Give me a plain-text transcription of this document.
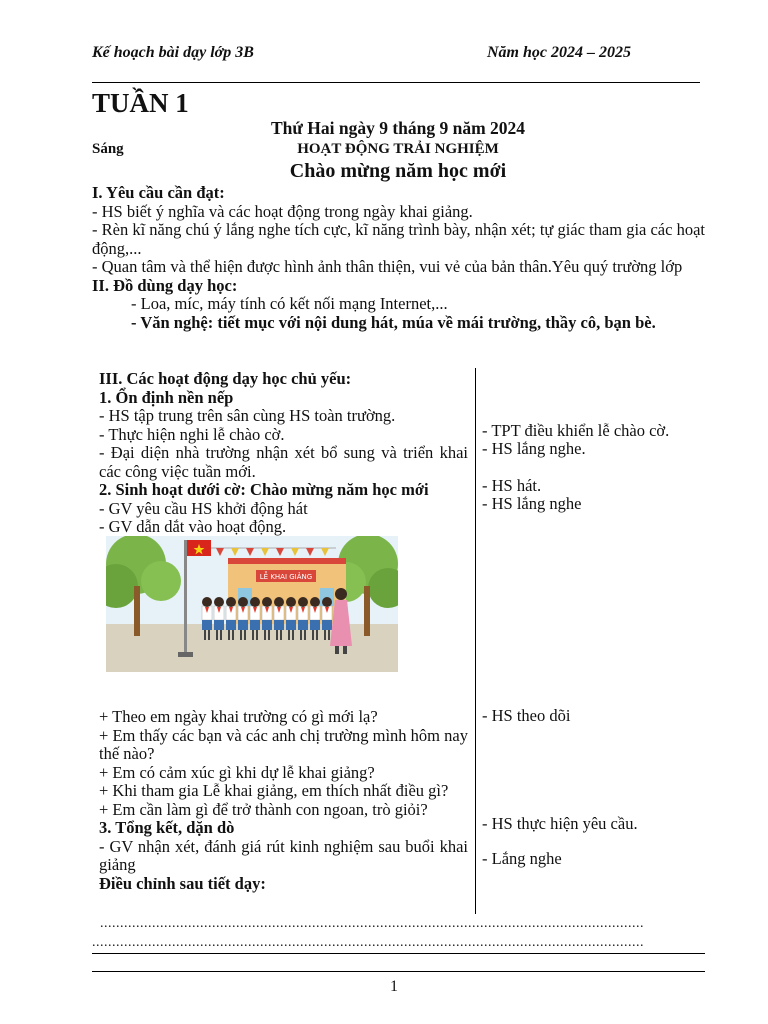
Kế hoạch bài dạy lớp 3B	Năm học 2024 – 2025
TUẦN 1
Thứ Hai ngày 9 tháng 9 năm 2024
Sáng	HOẠT ĐỘNG TRẢI NGHIỆM
Chào mừng năm học mới
I. Yêu cầu cần đạt:
- HS biết ý nghĩa và các hoạt động trong ngày khai giảng.
- Rèn kĩ năng chú ý lắng nghe tích cực, kĩ năng trình bày, nhận xét; tự giác tham gia các hoạt động,...
- Quan tâm và thể hiện được hình ảnh thân thiện, vui vẻ của bản thân.Yêu quý trường lớp
II. Đồ dùng dạy học:
- Loa, míc, máy tính có kết nối mạng Internet,...
- Văn nghệ: tiết mục với nội dung hát, múa về mái trường, thầy cô, bạn bè.
III. Các hoạt động dạy học chủ yếu:
1. Ổn định nền nếp
- HS tập trung trên sân cùng HS toàn trường.
- Thực hiện nghi lễ chào cờ.
- Đại diện nhà trường nhận xét bổ sung và triển khai các công việc tuần mới.
2. Sinh hoạt dưới cờ: Chào mừng năm học mới
- GV yêu cầu HS khởi động hát
- GV dẫn dắt vào hoạt động.
LỄ KHAI GIẢNG
+ Theo em ngày khai trường có gì mới lạ?
+ Em thấy các bạn và các anh chị trường mình hôm nay thế nào?
+ Em có cảm xúc gì khi dự lễ khai giảng?
+ Khi tham gia Lễ khai giảng, em thích nhất điều gì?
+ Em cần làm gì để trở thành con ngoan, trò giỏi?
3. Tổng kết, dặn dò
- GV nhận xét, đánh giá rút kinh nghiệm sau buổi khai giảng
Điều chỉnh sau tiết dạy:
- TPT điều khiển lễ chào cờ.
- HS lắng nghe.
- HS hát.
- HS lắng nghe
- HS theo dõi
- HS thực hiện yêu cầu.
- Lắng nghe
........................................................................................................................................
..........................................................................................................................................
1
